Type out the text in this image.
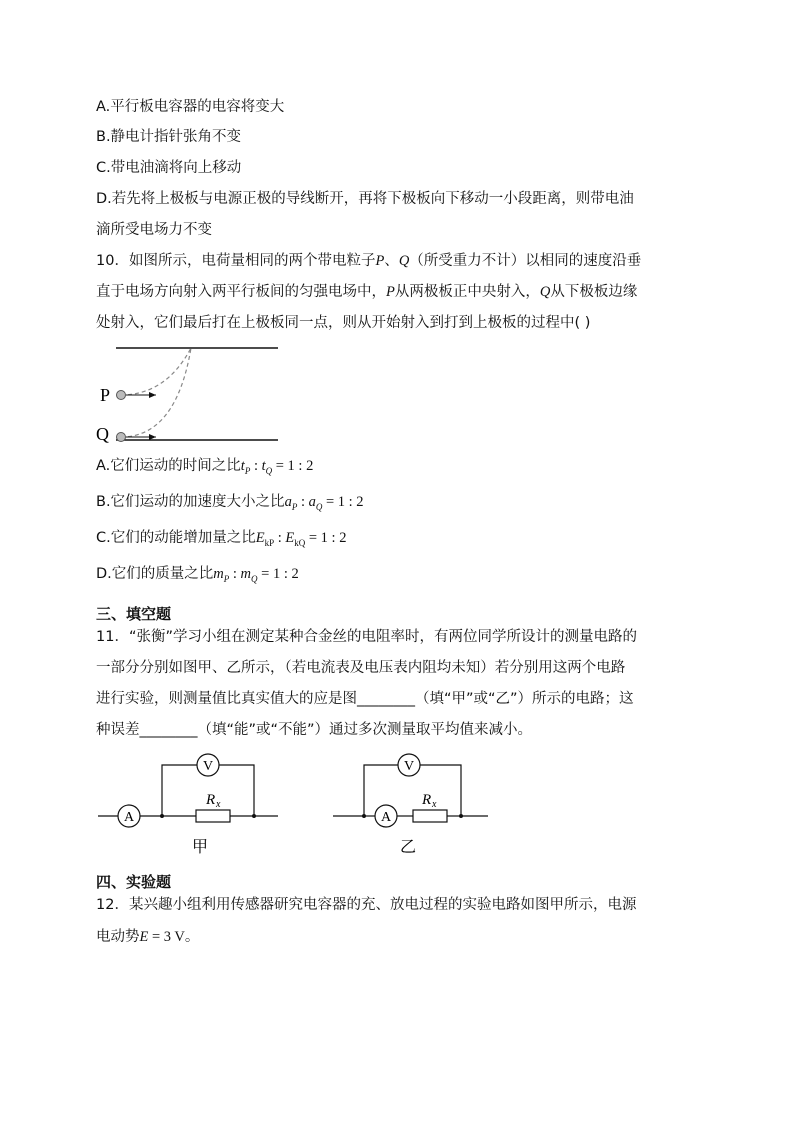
A.平行板电容器的电容将变大
B.静电计指针张角不变
C.带电油滴将向上移动
D.若先将上极板与电源正极的导线断开，再将下极板向下移动一小段距离，则带电油
滴所受电场力不变
10．如图所示，电荷量相同的两个带电粒子P、Q（所受重力不计）以相同的速度沿垂
直于电场方向射入两平行板间的匀强电场中，P从两极板正中央射入，Q从下极板边缘
处射入，它们最后打在上极板同一点，则从开始射入到打到上极板的过程中( )
P
Q
A.它们运动的时间之比$t_P$ : $t_Q = 1$ : 2
B.它们运动的加速度大小之比$a_P$ : $a_Q = 1$ : 2
C.它们的动能增加量之比$E_{kP}$ : $E_{kQ} = 1$ : 2
D.它们的质量之比$m_P$ : $m_Q = 1$ : 2
三、填空题
11．“张衡”学习小组在测定某种合金丝的电阻率时，有两位同学所设计的测量电路的
一部分分别如图甲、乙所示，（若电流表及电压表内阻均未知）若分别用这两个电路
进行实验，则测量值比真实值大的应是图________（填“甲”或“乙”）所示的电路；这
种误差________（填“能”或“不能”）通过多次测量取平均值来减小。
A
V
R x
甲
A
V
R x
乙
四、实验题
12．某兴趣小组利用传感器研究电容器的充、放电过程的实验电路如图甲所示，电源
电动势E = 3 V。
